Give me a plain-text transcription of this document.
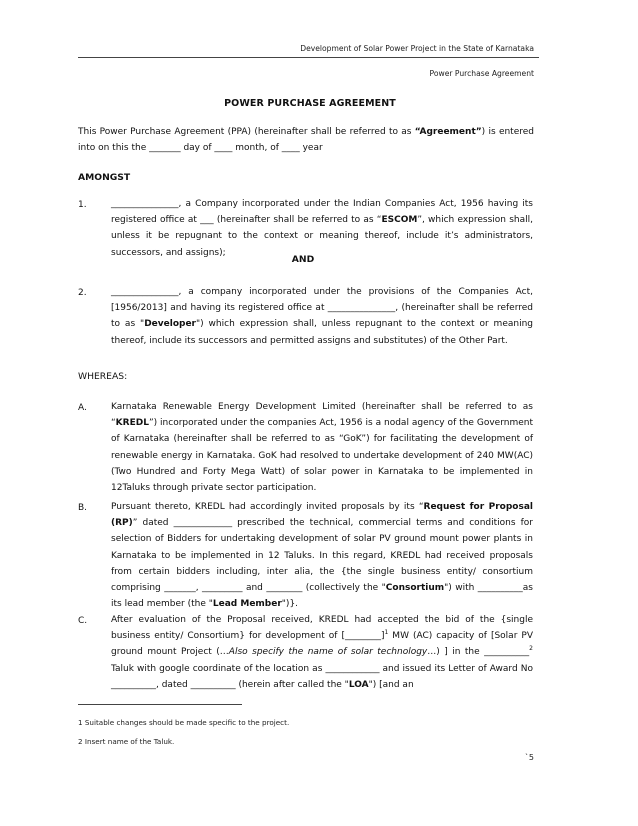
Development of Solar Power Project in the State of Karnataka
Power Purchase Agreement
POWER PURCHASE AGREEMENT
This Power Purchase Agreement (PPA) (hereinafter shall be referred to as “Agreement”) is entered into on this the _______ day of ____ month, of ____ year
AMONGST
1.	_______________, a Company incorporated under the Indian Companies Act, 1956 having its registered office at ___ (hereinafter shall be referred to as “ESCOM”, which expression shall, unless it be repugnant to the context or meaning thereof, include it’s administrators, successors, and assigns);
AND
2.	_______________, a company incorporated under the provisions of the Companies Act, [1956/2013] and having its registered office at _______________, (hereinafter shall be referred to as "Developer") which expression shall, unless repugnant to the context or meaning thereof, include its successors and permitted assigns and substitutes) of the Other Part.
WHEREAS:
A.	Karnataka Renewable Energy Development Limited (hereinafter shall be referred to as “KREDL”) incorporated under the companies Act, 1956 is a nodal agency of the Government of Karnataka (hereinafter shall be referred to as “GoK”) for facilitating the development of renewable energy in Karnataka. GoK had resolved to undertake development of 240 MW(AC) (Two Hundred and Forty Mega Watt) of solar power in Karnataka to be implemented in 12Taluks through private sector participation.
B.	Pursuant thereto, KREDL had accordingly invited proposals by its “Request for Proposal (RP)” dated _____________ prescribed the technical, commercial terms and conditions for selection of Bidders for undertaking development of solar PV ground mount power plants in Karnataka to be implemented in 12 Taluks. In this regard, KREDL had received proposals from certain bidders including, inter alia, the {the single business entity/ consortium comprising _______, _________ and ________ (collectively the "Consortium") with __________as its lead member (the "Lead Member")}.
C.	After evaluation of the Proposal received, KREDL had accepted the bid of the {single business entity/ Consortium} for development of [________]$^1$ MW (AC) capacity of [Solar PV ground mount Project (…Also specify the name of solar technology…) ] in the __________$^2$ Taluk with google coordinate of the location as ____________ and issued its Letter of Award No __________, dated __________ (herein after called the "LOA") [and an
1 Suitable changes should be made specific to the project.
2 Insert name of the Taluk.
`5
